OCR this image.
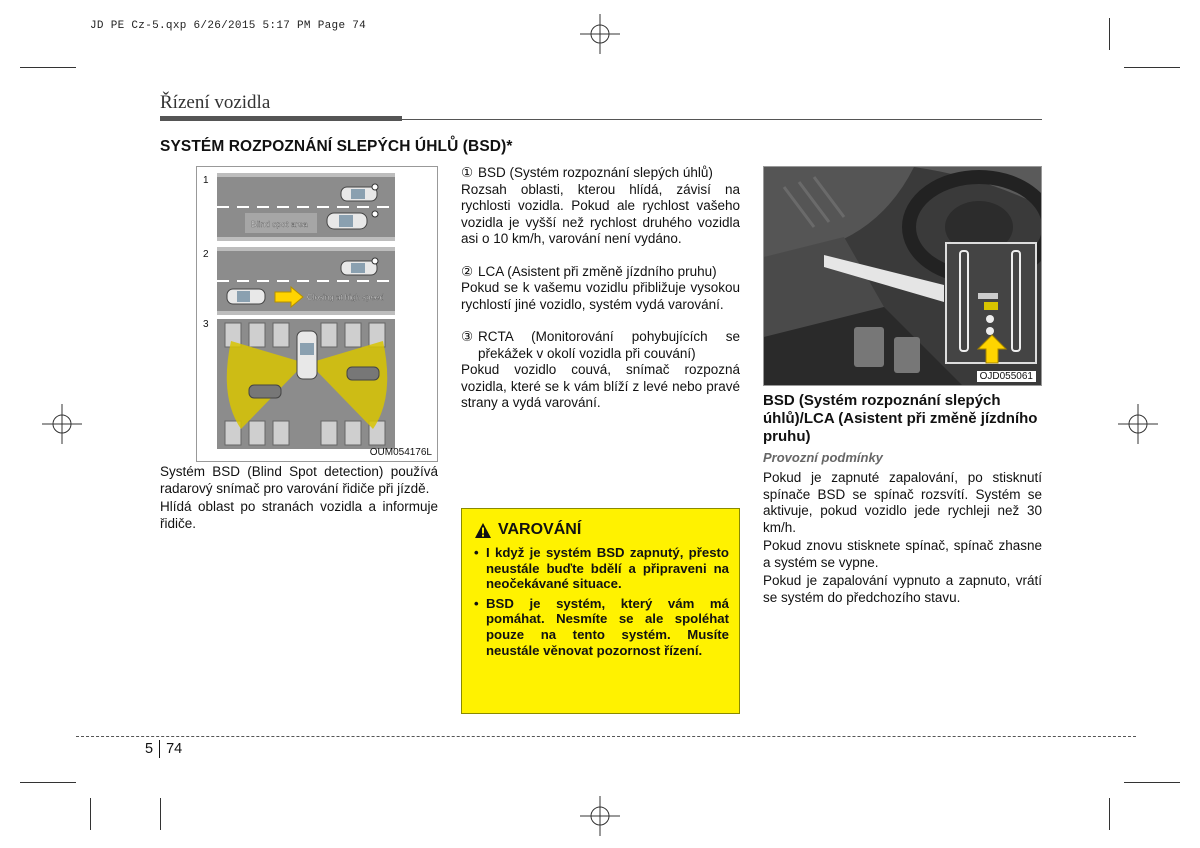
JD PE Cz-5.qxp 6/26/2015 5:17 PM Page 74
Řízení vozidla
SYSTÉM ROZPOZNÁNÍ SLEPÝCH ÚHLŮ (BSD)*
1
Blind spot area
2
Closing at high speed
3
OUM054176L
OJD055061

Systém BSD (Blind Spot detection) používá radarový snímač pro varování řidiče při jízdě.

Hlídá oblast po stranách vozidla a informuje řidiče.

① BSD (Systém rozpoznání slepých úhlů)

Rozsah oblasti, kterou hlídá, závisí na rychlosti vozidla. Pokud ale rychlost vašeho vozidla je vyšší než rychlost druhého vozidla asi o 10 km/h, varování není vydáno.

② LCA (Asistent při změně jízdního pruhu)

Pokud se k vašemu vozidlu přibližuje vysokou rychlostí jiné vozidlo, systém vydá varování.

③ RCTA (Monitorování pohybujících se překážek v okolí vozidla při couvání)

Pokud vozidlo couvá, snímač rozpozná vozidla, které se k vám blíží z levé nebo pravé strany a vydá varování.

VAROVÁNÍ
• I když je systém BSD zapnutý, přesto neustále buďte bdělí a připraveni na neočekávané situace.
• BSD je systém, který vám má pomáhat. Nesmíte se ale spoléhat pouze na tento systém. Musíte neustále věnovat pozornost řízení.
BSD (Systém rozpoznání slepých úhlů)/LCA (Asistent při změně jízdního pruhu)
Provozní podmínky

Pokud je zapnuté zapalování, po stisknutí spínače BSD se spínač rozsvítí. Systém se aktivuje, pokud vozidlo jede rychleji než 30 km/h.

Pokud znovu stisknete spínač, spínač zhasne a systém se vypne.

Pokud je zapalování vypnuto a zapnuto, vrátí se systém do předchozího stavu.

5 74
